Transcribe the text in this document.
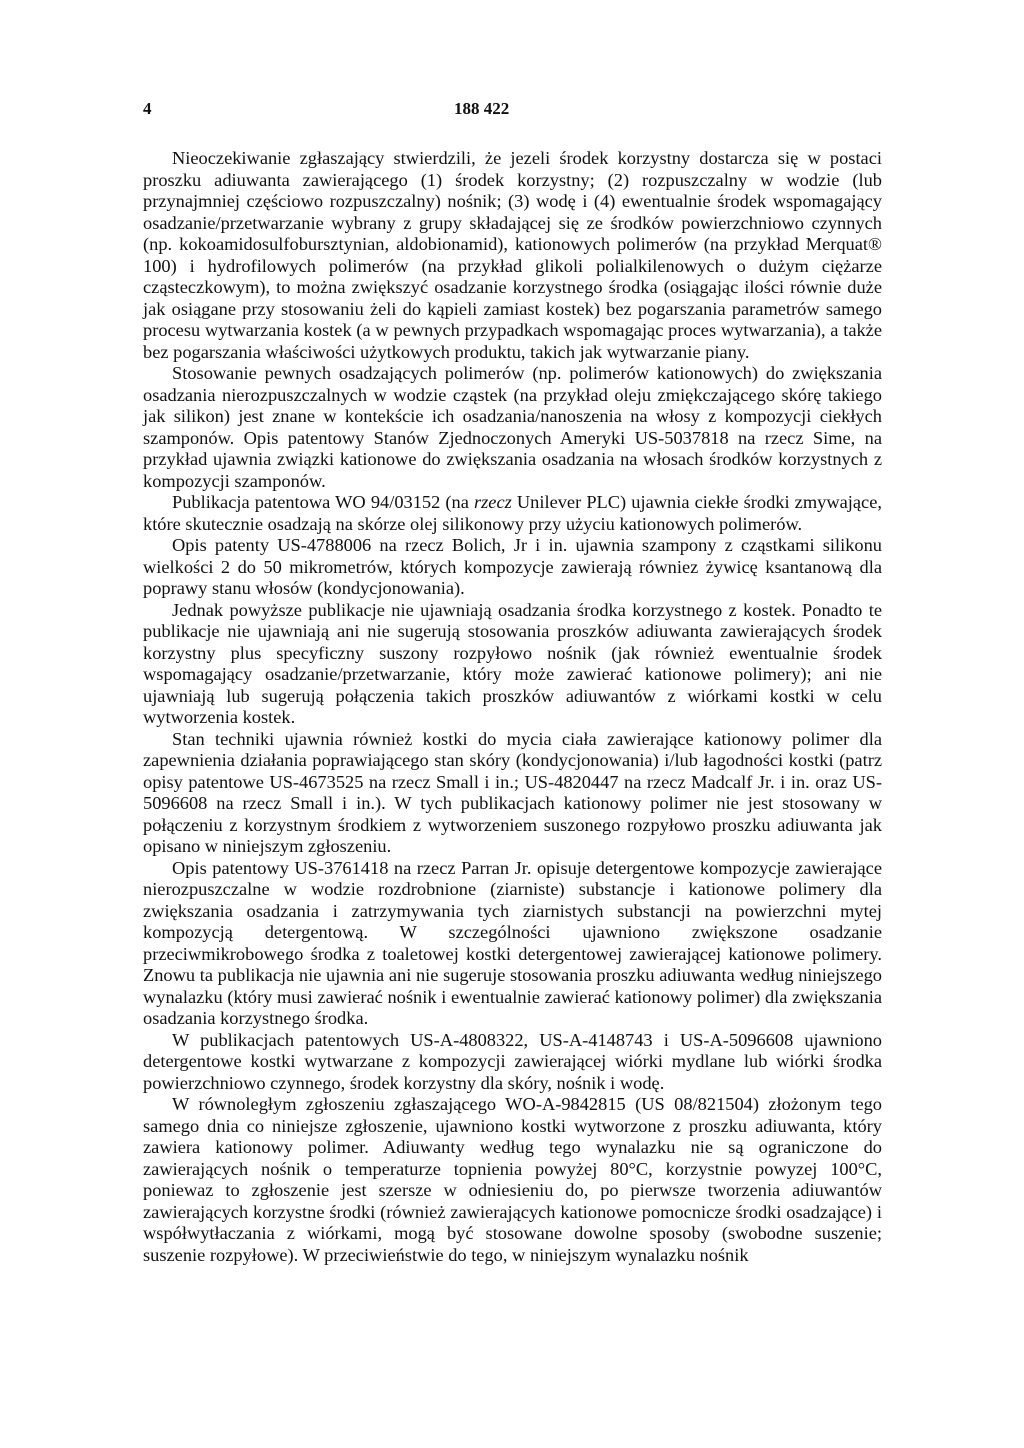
4	188 422

Nieoczekiwanie zgłaszający stwierdzili, że jezeli środek korzystny dostarcza się w postaci proszku adiuwanta zawierającego (1) środek korzystny; (2) rozpuszczalny w wodzie (lub przynajmniej częściowo rozpuszczalny) nośnik; (3) wodę i (4) ewentualnie środek wspomagający osadzanie/przetwarzanie wybrany z grupy składającej się ze środków powierzchniowo czynnych (np. kokoamidosulfobursztynian, aldobionamid), kationowych polimerów (na przykład Merquat® 100) i hydrofilowych polimerów (na przykład glikoli polialkilenowych o dużym ciężarze cząsteczkowym), to można zwiększyć osadzanie korzystnego środka (osiągając ilości równie duże jak osiągane przy stosowaniu żeli do kąpieli zamiast kostek) bez pogarszania parametrów samego procesu wytwarzania kostek (a w pewnych przypadkach wspomagając proces wytwarzania), a także bez pogarszania właściwości użytkowych produktu, takich jak wytwarzanie piany.

Stosowanie pewnych osadzających polimerów (np. polimerów kationowych) do zwiększania osadzania nierozpuszczalnych w wodzie cząstek (na przykład oleju zmiękczającego skórę takiego jak silikon) jest znane w kontekście ich osadzania/nanoszenia na włosy z kompozycji ciekłych szamponów. Opis patentowy Stanów Zjednoczonych Ameryki US-5037818 na rzecz Sime, na przykład ujawnia związki kationowe do zwiększania osadzania na włosach środków korzystnych z kompozycji szamponów.

Publikacja patentowa WO 94/03152 (na rzecz Unilever PLC) ujawnia ciekłe środki zmywające, które skutecznie osadzają na skórze olej silikonowy przy użyciu kationowych polimerów.

Opis patenty US-4788006 na rzecz Bolich, Jr i in. ujawnia szampony z cząstkami silikonu wielkości 2 do 50 mikrometrów, których kompozycje zawierają równiez żywicę ksantanową dla poprawy stanu włosów (kondycjonowania).

Jednak powyższe publikacje nie ujawniają osadzania środka korzystnego z kostek. Ponadto te publikacje nie ujawniają ani nie sugerują stosowania proszków adiuwanta zawierających środek korzystny plus specyficzny suszony rozpyłowo nośnik (jak również ewentualnie środek wspomagający osadzanie/przetwarzanie, który może zawierać kationowe polimery); ani nie ujawniają lub sugerują połączenia takich proszków adiuwantów z wiórkami kostki w celu wytworzenia kostek.

Stan techniki ujawnia również kostki do mycia ciała zawierające kationowy polimer dla zapewnienia działania poprawiającego stan skóry (kondycjonowania) i/lub łagodności kostki (patrz opisy patentowe US-4673525 na rzecz Small i in.; US-4820447 na rzecz Madcalf Jr. i in. oraz US-5096608 na rzecz Small i in.). W tych publikacjach kationowy polimer nie jest stosowany w połączeniu z korzystnym środkiem z wytworzeniem suszonego rozpyłowo proszku adiuwanta jak opisano w niniejszym zgłoszeniu.

Opis patentowy US-3761418 na rzecz Parran Jr. opisuje detergentowe kompozycje zawierające nierozpuszczalne w wodzie rozdrobnione (ziarniste) substancje i kationowe polimery dla zwiększania osadzania i zatrzymywania tych ziarnistych substancji na powierzchni mytej kompozycją detergentową. W szczególności ujawniono zwiększone osadzanie przeciwmikrobowego środka z toaletowej kostki detergentowej zawierającej kationowe polimery. Znowu ta publikacja nie ujawnia ani nie sugeruje stosowania proszku adiuwanta według niniejszego wynalazku (który musi zawierać nośnik i ewentualnie zawierać kationowy polimer) dla zwiększania osadzania korzystnego środka.

W publikacjach patentowych US-A-4808322, US-A-4148743 i US-A-5096608 ujawniono detergentowe kostki wytwarzane z kompozycji zawierającej wiórki mydlane lub wiórki środka powierzchniowo czynnego, środek korzystny dla skóry, nośnik i wodę.

W równoległym zgłoszeniu zgłaszającego WO-A-9842815 (US 08/821504) złożonym tego samego dnia co niniejsze zgłoszenie, ujawniono kostki wytworzone z proszku adiuwanta, który zawiera kationowy polimer. Adiuwanty według tego wynalazku nie są ograniczone do zawierających nośnik o temperaturze topnienia powyżej 80°C, korzystnie powyzej 100°C, poniewaz to zgłoszenie jest szersze w odniesieniu do, po pierwsze tworzenia adiuwantów zawierających korzystne środki (również zawierających kationowe pomocnicze środki osadzające) i współwytłaczania z wiórkami, mogą być stosowane dowolne sposoby (swobodne suszenie; suszenie rozpyłowe). W przeciwieństwie do tego, w niniejszym wynalazku nośnik
